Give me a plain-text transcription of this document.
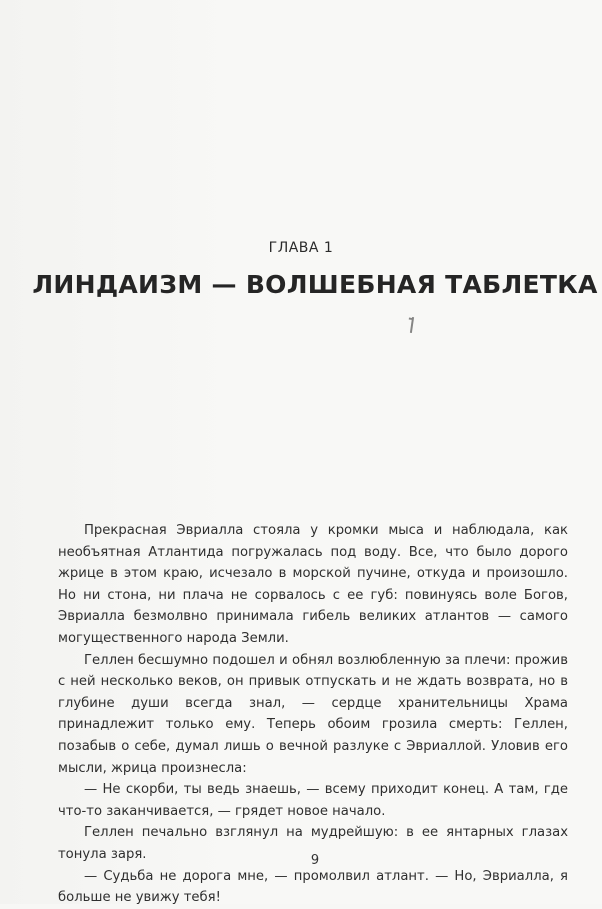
ГЛАВА 1
ЛИНДАИЗМ — ВОЛШЕБНАЯ ТАБЛЕТКА

Прекрасная Эвриалла стояла у кромки мыса и наблюдала, как необъятная Атлантида погружалась под воду. Все, что было дорого жрице в этом краю, исчезало в морской пучине, откуда и произошло. Но ни стона, ни плача не сорвалось с ее губ: повинуясь воле Богов, Эвриалла безмолвно принимала гибель великих атлантов — самого могущественного народа Земли.

Геллен бесшумно подошел и обнял возлюбленную за плечи: прожив с ней несколько веков, он привык отпускать и не ждать возврата, но в глубине души всегда знал, — сердце хранительницы Храма принадлежит только ему. Теперь обоим грозила смерть: Геллен, позабыв о себе, думал лишь о вечной разлуке с Эвриаллой. Уловив его мысли, жрица произнесла:

— Не скорби, ты ведь знаешь, — всему приходит конец. А там, где что-то заканчивается, — грядет новое начало.

Геллен печально взглянул на мудрейшую: в ее янтарных глазах тонула заря.

— Судьба не дорога мне, — промолвил атлант. — Но, Эвриалла, я больше не увижу тебя!

9
